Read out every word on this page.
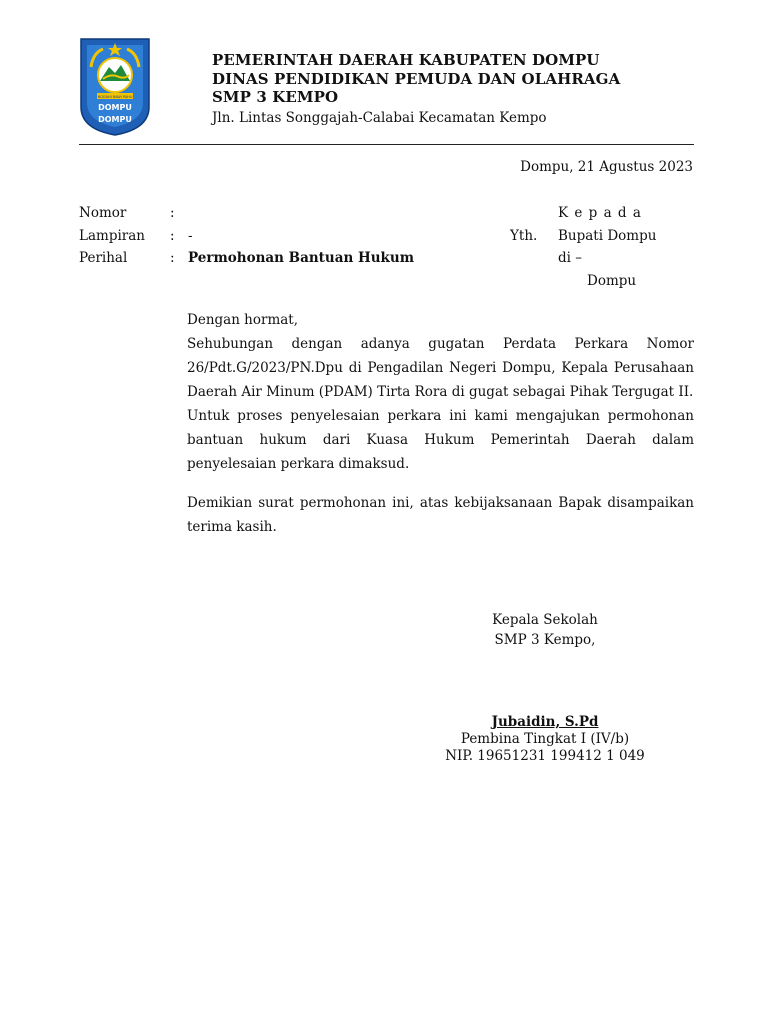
NGGAHI RAWI PAHU
DOMPU
DOMPU
PEMERINTAH DAERAH KABUPATEN DOMPU
DINAS PENDIDIKAN PEMUDA DAN OLAHRAGA
SMP 3 KEMPO
Jln. Lintas Songgajah-Calabai Kecamatan Kempo
Dompu, 21 Agustus 2023
Nomor	:
Lampiran : -
Perihal	: Permohonan Bantuan Hukum
K e p a d a
Yth. Bupati Dompu
di –
Dompu

Dengan hormat,

Sehubungan dengan adanya gugatan Perdata Perkara Nomor 26/Pdt.G/2023/PN.Dpu di Pengadilan Negeri Dompu, Kepala Perusahaan Daerah Air Minum (PDAM) Tirta Rora di gugat sebagai Pihak Tergugat II.

Untuk proses penyelesaian perkara ini kami mengajukan permohonan bantuan hukum dari Kuasa Hukum Pemerintah Daerah dalam penyelesaian perkara dimaksud.

Demikian surat permohonan ini, atas kebijaksanaan Bapak disampaikan terima kasih.

Kepala Sekolah
SMP 3 Kempo,
Jubaidin, S.Pd
Pembina Tingkat I (IV/b)
NIP. 19651231 199412 1 049
